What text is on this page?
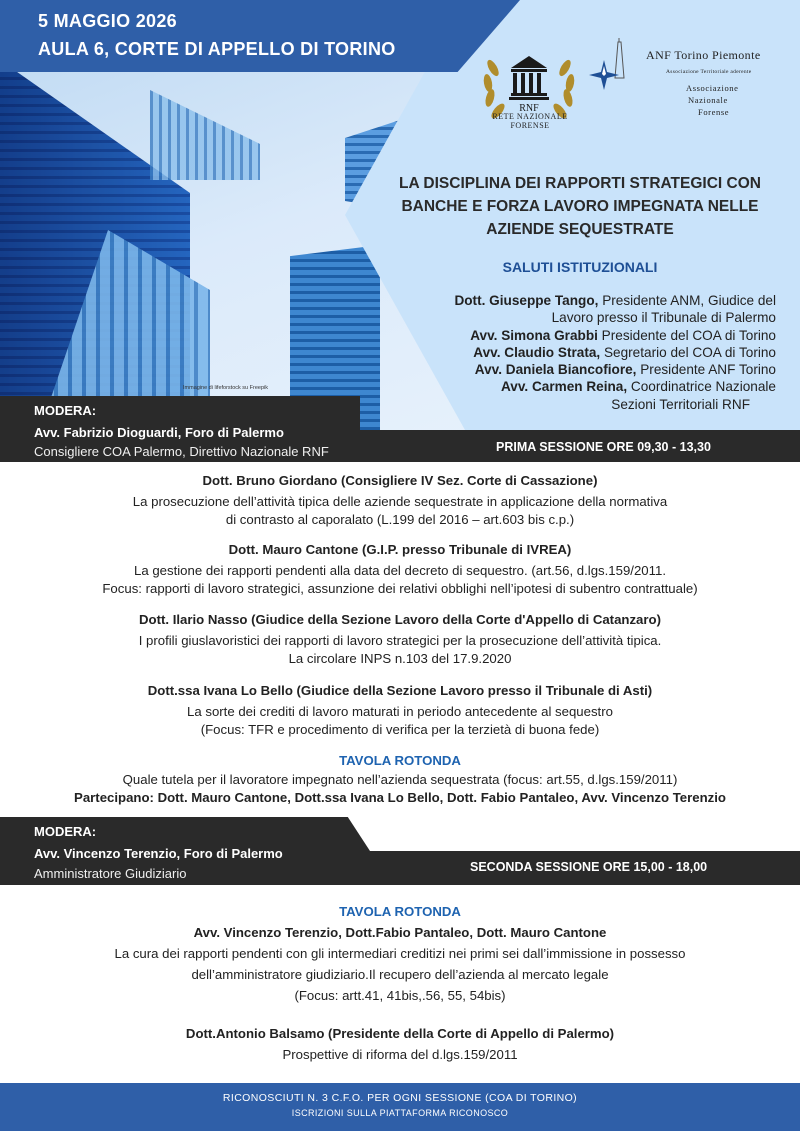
5 MAGGIO 2026
AULA 6, CORTE DI APPELLO DI TORINO
Immagine di lifeforstock su Freepik
RNF
RETE NAZIONALE FORENSE
ANF Torino Piemonte
Associazione Territoriale aderente
Associazione
Nazionale
Forense
LA DISCIPLINA DEI RAPPORTI STRATEGICI CON
BANCHE E FORZA LAVORO IMPEGNATA NELLE
AZIENDE SEQUESTRATE
SALUTI ISTITUZIONALI
Dott. Giuseppe Tango, Presidente ANM, Giudice del
Lavoro presso il Tribunale di Palermo
Avv. Simona Grabbi Presidente del COA di Torino
Avv. Claudio Strata, Segretario del COA di Torino
Avv. Daniela Biancofiore, Presidente ANF Torino
Avv. Carmen Reina, Coordinatrice Nazionale
Sezioni Territoriali RNF
MODERA:
Avv. Fabrizio Dioguardi, Foro di Palermo
Consigliere COA Palermo, Direttivo Nazionale RNF	PRIMA SESSIONE ORE 09,30 - 13,30
Dott. Bruno Giordano (Consigliere IV Sez. Corte di Cassazione)
La prosecuzione dell’attività tipica delle aziende sequestrate in applicazione della normativa
di contrasto al caporalato (L.199 del 2016 – art.603 bis c.p.)
Dott. Mauro Cantone (G.I.P. presso Tribunale di IVREA)
La gestione dei rapporti pendenti alla data del decreto di sequestro. (art.56, d.lgs.159/2011.
Focus: rapporti di lavoro strategici, assunzione dei relativi obblighi nell’ipotesi di subentro contrattuale)
Dott. Ilario Nasso (Giudice della Sezione Lavoro della Corte d'Appello di Catanzaro)
I profili giuslavoristici dei rapporti di lavoro strategici per la prosecuzione dell’attività tipica.
La circolare INPS n.103 del 17.9.2020
Dott.ssa Ivana Lo Bello (Giudice della Sezione Lavoro presso il Tribunale di Asti)
La sorte dei crediti di lavoro maturati in periodo antecedente al sequestro
(Focus: TFR e procedimento di verifica per la terzietà di buona fede)
TAVOLA ROTONDA
Quale tutela per il lavoratore impegnato nell’azienda sequestrata (focus: art.55, d.lgs.159/2011)
Partecipano: Dott. Mauro Cantone, Dott.ssa Ivana Lo Bello, Dott. Fabio Pantaleo, Avv. Vincenzo Terenzio
MODERA:
Avv. Vincenzo Terenzio, Foro di Palermo
Amministratore Giudiziario	SECONDA SESSIONE ORE 15,00 - 18,00
TAVOLA ROTONDA
Avv. Vincenzo Terenzio, Dott.Fabio Pantaleo, Dott. Mauro Cantone
La cura dei rapporti pendenti con gli intermediari creditizi nei primi sei dall’immissione in possesso
dell’amministratore giudiziario.Il recupero dell’azienda al mercato legale
(Focus: artt.41, 41bis,.56, 55, 54bis)
Dott.Antonio Balsamo (Presidente della Corte di Appello di Palermo)
Prospettive di riforma del d.lgs.159/2011
RICONOSCIUTI N. 3 C.F.O. PER OGNI SESSIONE (COA DI TORINO)
ISCRIZIONI SULLA PIATTAFORMA RICONOSCO
